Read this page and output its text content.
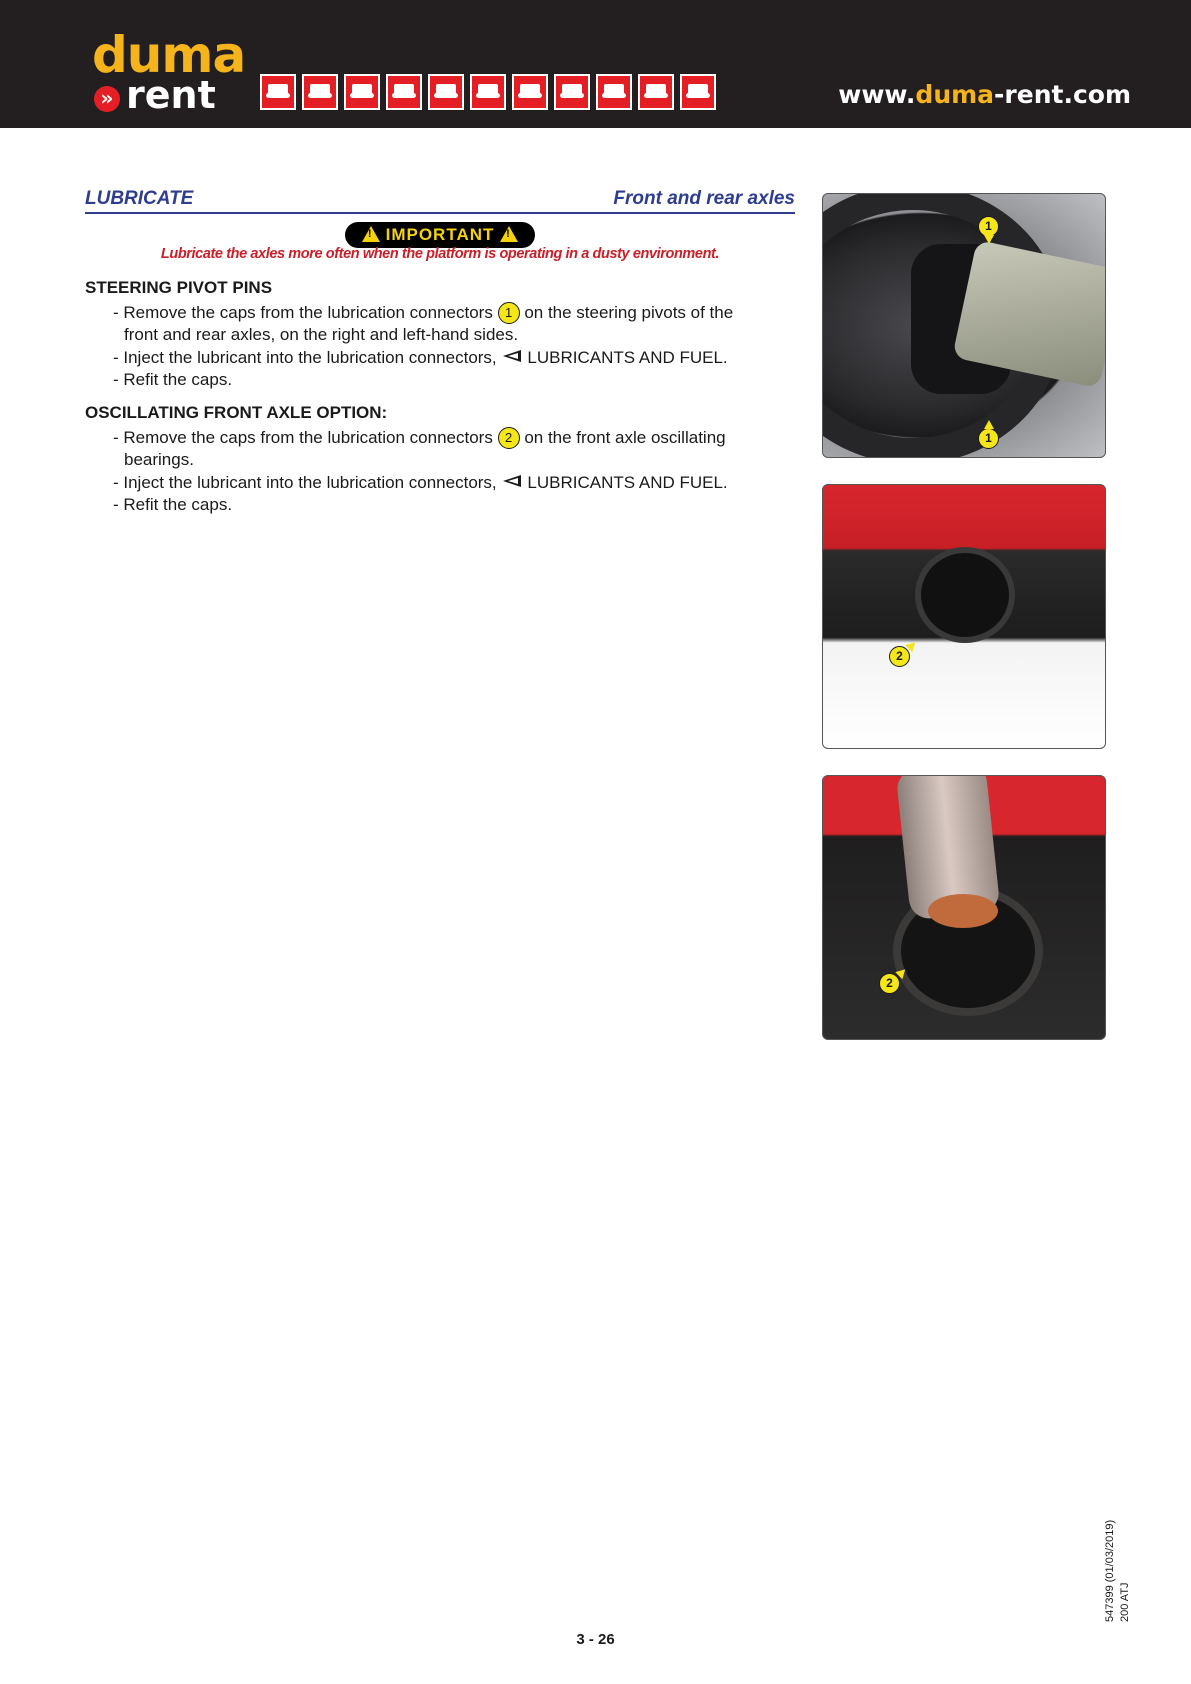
duma
» rent	www.duma-rent.com
LUBRICATE	Front and rear axles
! IMPORTANT !
Lubricate the axles more often when the platform is operating in a dusty environment.
STEERING PIVOT PINS
- Remove the caps from the lubrication connectors 1 on the steering pivots of the
front and rear axles, on the right and left-hand sides.
- Inject the lubricant into the lubrication connectors, LUBRICANTS AND FUEL.
- Refit the caps.
OSCILLATING FRONT AXLE OPTION:
- Remove the caps from the lubrication connectors 2 on the front axle oscillating
bearings.
- Inject the lubricant into the lubrication connectors, LUBRICANTS AND FUEL.
- Refit the caps.
1
1
2
2
3 - 26
547399 (01/03/2019) 200 ATJ
